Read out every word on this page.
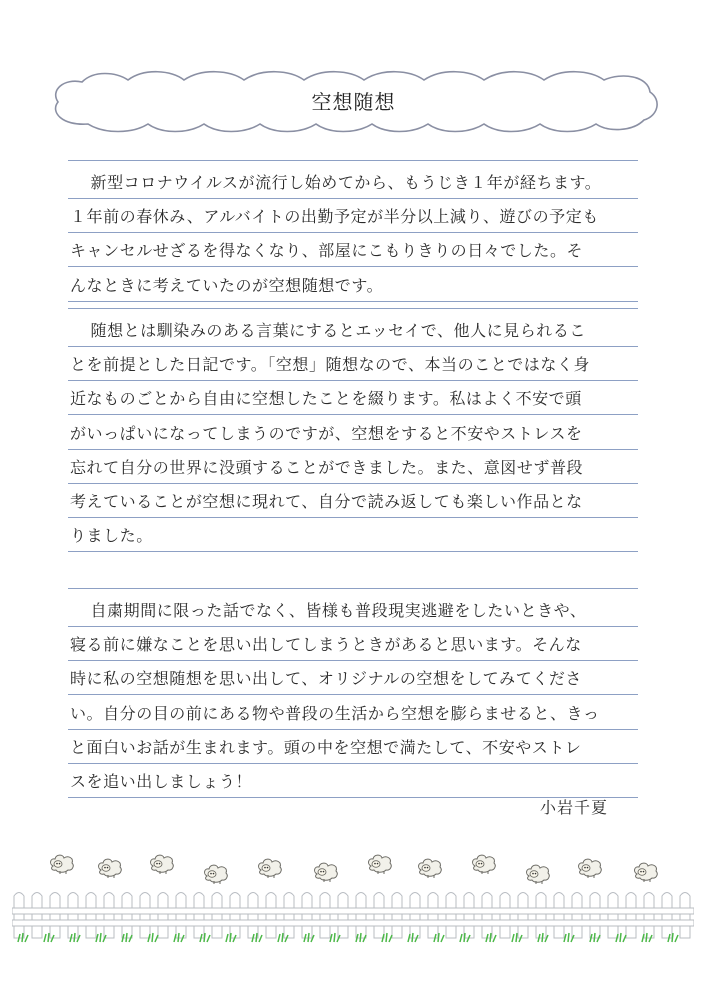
空想随想
　新型コロナウイルスが流行し始めてから、もうじき１年が経ちます。
１年前の春休み、アルバイトの出勤予定が半分以上減り、遊びの予定も
キャンセルせざるを得なくなり、部屋にこもりきりの日々でした。そ
んなときに考えていたのが空想随想です。
　随想とは馴染みのある言葉にするとエッセイで、他人に見られるこ
とを前提とした日記です。「空想」随想なので、本当のことではなく身
近なものごとから自由に空想したことを綴ります。私はよく不安で頭
がいっぱいになってしまうのですが、空想をすると不安やストレスを
忘れて自分の世界に没頭することができました。また、意図せず普段
考えていることが空想に現れて、自分で読み返しても楽しい作品とな
りました。
　自粛期間に限った話でなく、皆様も普段現実逃避をしたいときや、
寝る前に嫌なことを思い出してしまうときがあると思います。そんな
時に私の空想随想を思い出して、オリジナルの空想をしてみてくださ
い。自分の目の前にある物や普段の生活から空想を膨らませると、きっ
と面白いお話が生まれます。頭の中を空想で満たして、不安やストレ
スを追い出しましょう！
小岩千夏
